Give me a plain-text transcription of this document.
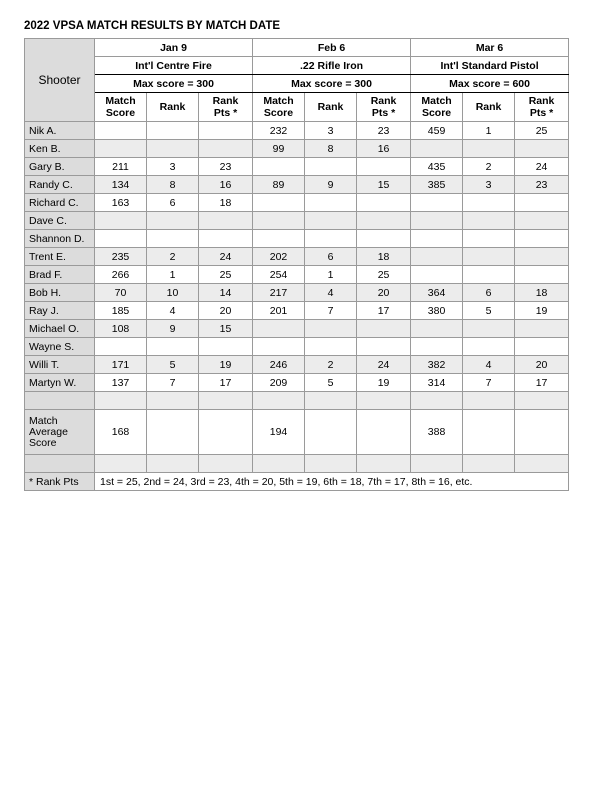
2022 VPSA MATCH RESULTS BY MATCH DATE
Shooter	Jan 9			Feb 6			Mar 6		
	Int'l Centre Fire			.22 Rifle Iron			Int'l Standard Pistol		
	Max score = 300			Max score = 300			Max score = 600		
	Match
Score	Rank	Rank
Pts *	Match
Score	Rank	Rank
Pts *	Match
Score	Rank	Rank
Pts *
Nik A.				232	3	23	459	1	25
Ken B.				99	8	16			
Gary B.	211	3	23				435	2	24
Randy C.	134	8	16	89	9	15	385	3	23
Richard C.	163	6	18						
Dave C.									
Shannon D.									
Trent E.	235	2	24	202	6	18			
Brad F.	266	1	25	254	1	25			
Bob H.	70	10	14	217	4	20	364	6	18
Ray J.	185	4	20	201	7	17	380	5	19
Michael O.	108	9	15						
Wayne S.									
Willi T.	171	5	19	246	2	24	382	4	20
Martyn W.	137	7	17	209	5	19	314	7	17

Match
Average
Score	168			194			388		

* Rank Pts	1st = 25, 2nd = 24, 3rd = 23, 4th = 20, 5th = 19, 6th = 18, 7th = 17, 8th = 16, etc.								
